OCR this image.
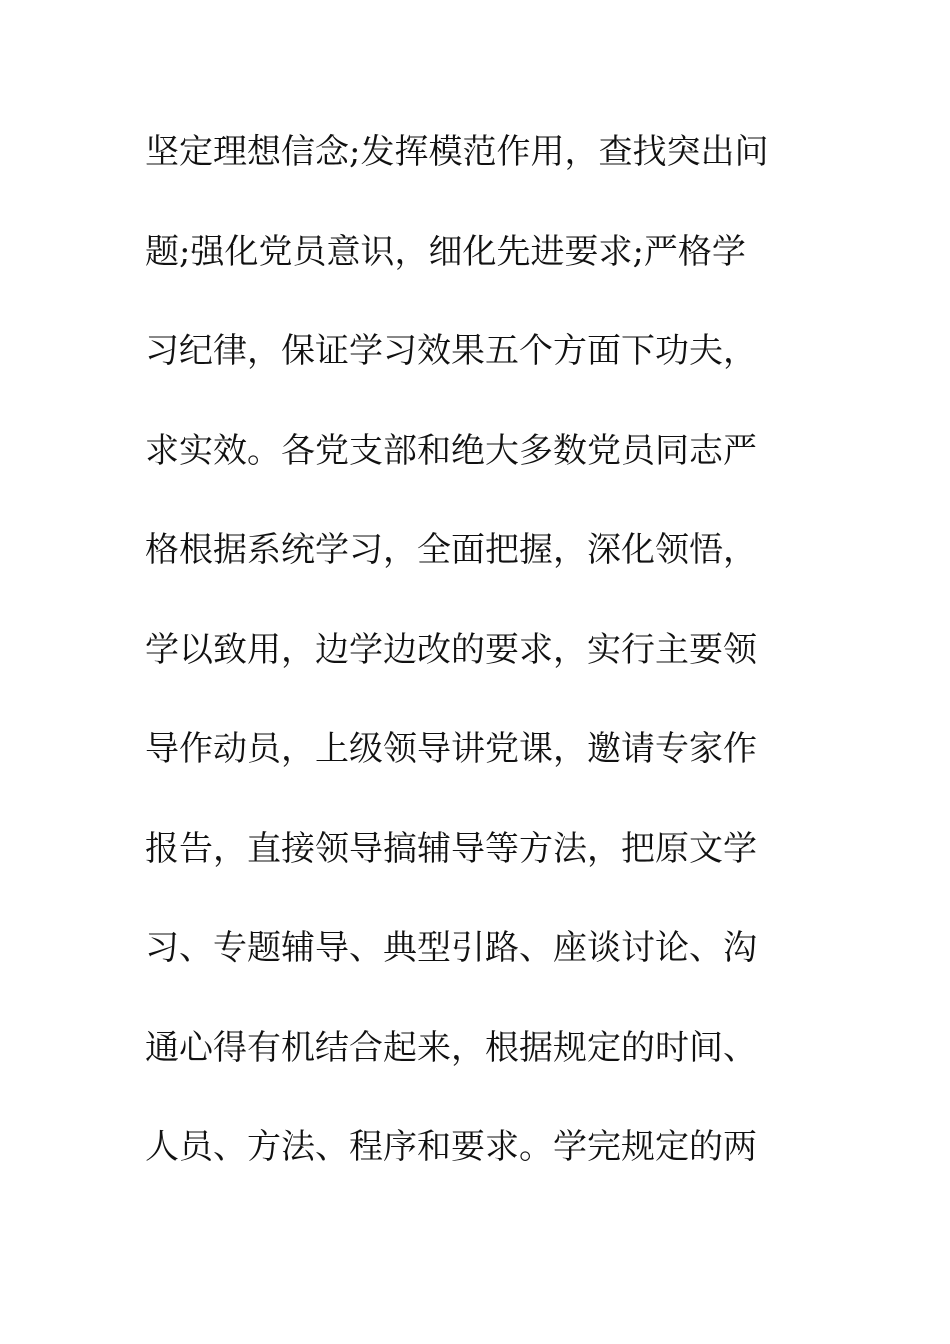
坚定理想信念;发挥模范作用，查找突出问
题;强化党员意识，细化先进要求;严格学
习纪律，保证学习效果五个方面下功夫，
求实效。各党支部和绝大多数党员同志严
格根据系统学习，全面把握，深化领悟，
学以致用，边学边改的要求，实行主要领
导作动员，上级领导讲党课，邀请专家作
报告，直接领导搞辅导等方法，把原文学
习、专题辅导、典型引路、座谈讨论、沟
通心得有机结合起来，根据规定的时间、
人员、方法、程序和要求。学完规定的两
